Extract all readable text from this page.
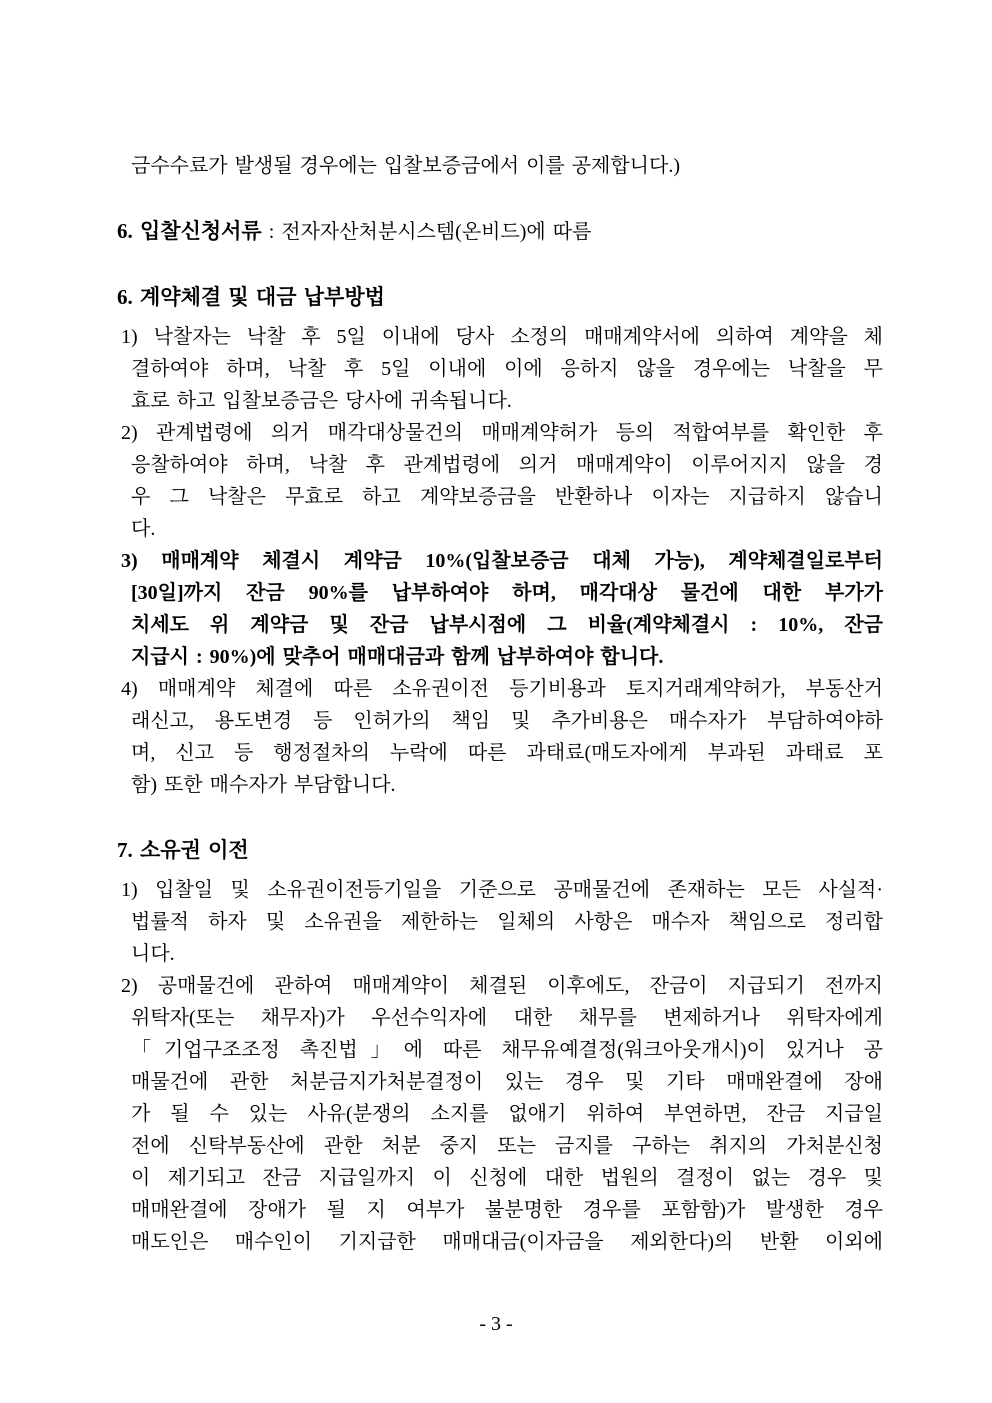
금수수료가 발생될 경우에는 입찰보증금에서 이를 공제합니다.)
6. 입찰신청서류 : 전자자산처분시스템(온비드)에 따름
6. 계약체결 및 대금 납부방법
1) 낙찰자는 낙찰 후 5일 이내에 당사 소정의 매매계약서에 의하여 계약을 체
결하여야 하며, 낙찰 후 5일 이내에 이에 응하지 않을 경우에는 낙찰을 무
효로 하고 입찰보증금은 당사에 귀속됩니다.
2) 관계법령에 의거 매각대상물건의 매매계약허가 등의 적합여부를 확인한 후
응찰하여야 하며, 낙찰 후 관계법령에 의거 매매계약이 이루어지지 않을 경
우 그 낙찰은 무효로 하고 계약보증금을 반환하나 이자는 지급하지 않습니
다.
3) 매매계약 체결시 계약금 10%(입찰보증금 대체 가능), 계약체결일로부터
[30일]까지 잔금 90%를 납부하여야 하며, 매각대상 물건에 대한 부가가
치세도 위 계약금 및 잔금 납부시점에 그 비율(계약체결시 : 10%, 잔금
지급시 : 90%)에 맞추어 매매대금과 함께 납부하여야 합니다.
4) 매매계약 체결에 따른 소유권이전 등기비용과 토지거래계약허가, 부동산거
래신고, 용도변경 등 인허가의 책임 및 추가비용은 매수자가 부담하여야하
며, 신고 등 행정절차의 누락에 따른 과태료(매도자에게 부과된 과태료 포
함) 또한 매수자가 부담합니다.
7. 소유권 이전
1) 입찰일 및 소유권이전등기일을 기준으로 공매물건에 존재하는 모든 사실적·
법률적 하자 및 소유권을 제한하는 일체의 사항은 매수자 책임으로 정리합
니다.
2) 공매물건에 관하여 매매계약이 체결된 이후에도, 잔금이 지급되기 전까지
위탁자(또는 채무자)가 우선수익자에 대한 채무를 변제하거나 위탁자에게
「기업구조조정 촉진법」에 따른 채무유예결정(워크아웃개시)이 있거나 공
매물건에 관한 처분금지가처분결정이 있는 경우 및 기타 매매완결에 장애
가 될 수 있는 사유(분쟁의 소지를 없애기 위하여 부연하면, 잔금 지급일
전에 신탁부동산에 관한 처분 중지 또는 금지를 구하는 취지의 가처분신청
이 제기되고 잔금 지급일까지 이 신청에 대한 법원의 결정이 없는 경우 및
매매완결에 장애가 될 지 여부가 불분명한 경우를 포함함)가 발생한 경우
매도인은 매수인이 기지급한 매매대금(이자금을 제외한다)의 반환 이외에
- 3 -
